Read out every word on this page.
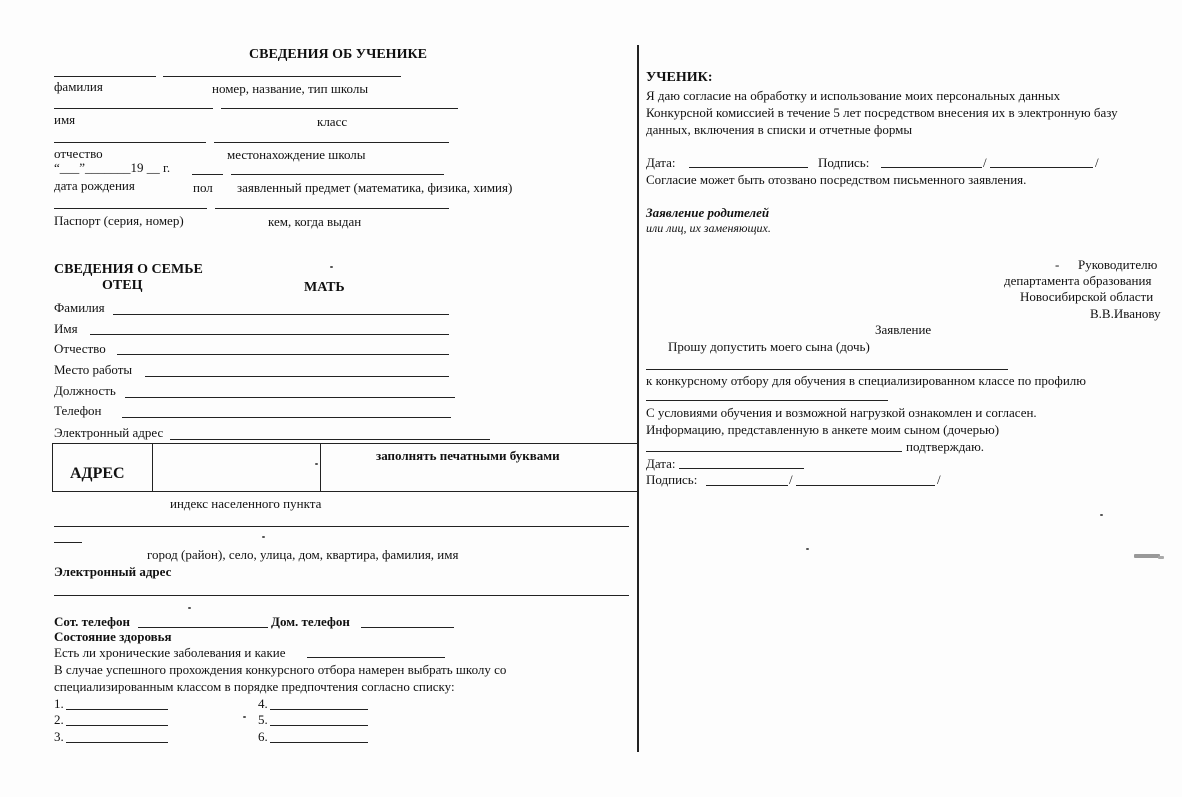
СВЕДЕНИЯ ОБ УЧЕНИКЕ
фамилия	номер, название, тип школы
имя	класс
отчество	местонахождение школы
“___”_______19 __ г.
дата рождения	пол заявленный предмет (математика, физика, химия)
Паспорт (серия, номер)	кем, когда выдан
СВЕДЕНИЯ О СЕМЬЕ
ОТЕЦ	МАТЬ
Фамилия
Имя
Отчество
Место работы
Должность
Телефон
Электронный адрес
АДРЕС
заполнять печатными буквами
индекс населенного пункта
город (район), село, улица, дом, квартира, фамилия, имя
Электронный адрес
Сот. телефон	Дом. телефон
Состояние здоровья
Есть ли хронические заболевания и какие
В случае успешного прохождения конкурсного отбора намерен выбрать школу со
специализированным классом в порядке предпочтения согласно списку:
1.
2.
3.
4.
5.
6.
УЧЕНИК:
Я даю согласие на обработку и использование моих персональных данных
Конкурсной комиссией в течение 5 лет посредством внесения их в электронную базу
данных, включения в списки и отчетные формы
Дата:	Подпись:	/	/
Согласие может быть отозвано посредством письменного заявления.
Заявление родителей
или лиц, их заменяющих.
- Руководителю
департамента образования
Новосибирской области
В.В.Иванову
Заявление
Прошу допустить моего сына (дочь)
к конкурсному отбору для обучения в специализированном классе по профилю
С условиями обучения и возможной нагрузкой ознакомлен и согласен.
Информацию, представленную в анкете моим сыном (дочерью)
подтверждаю.
Дата:
Подпись:	/	/
